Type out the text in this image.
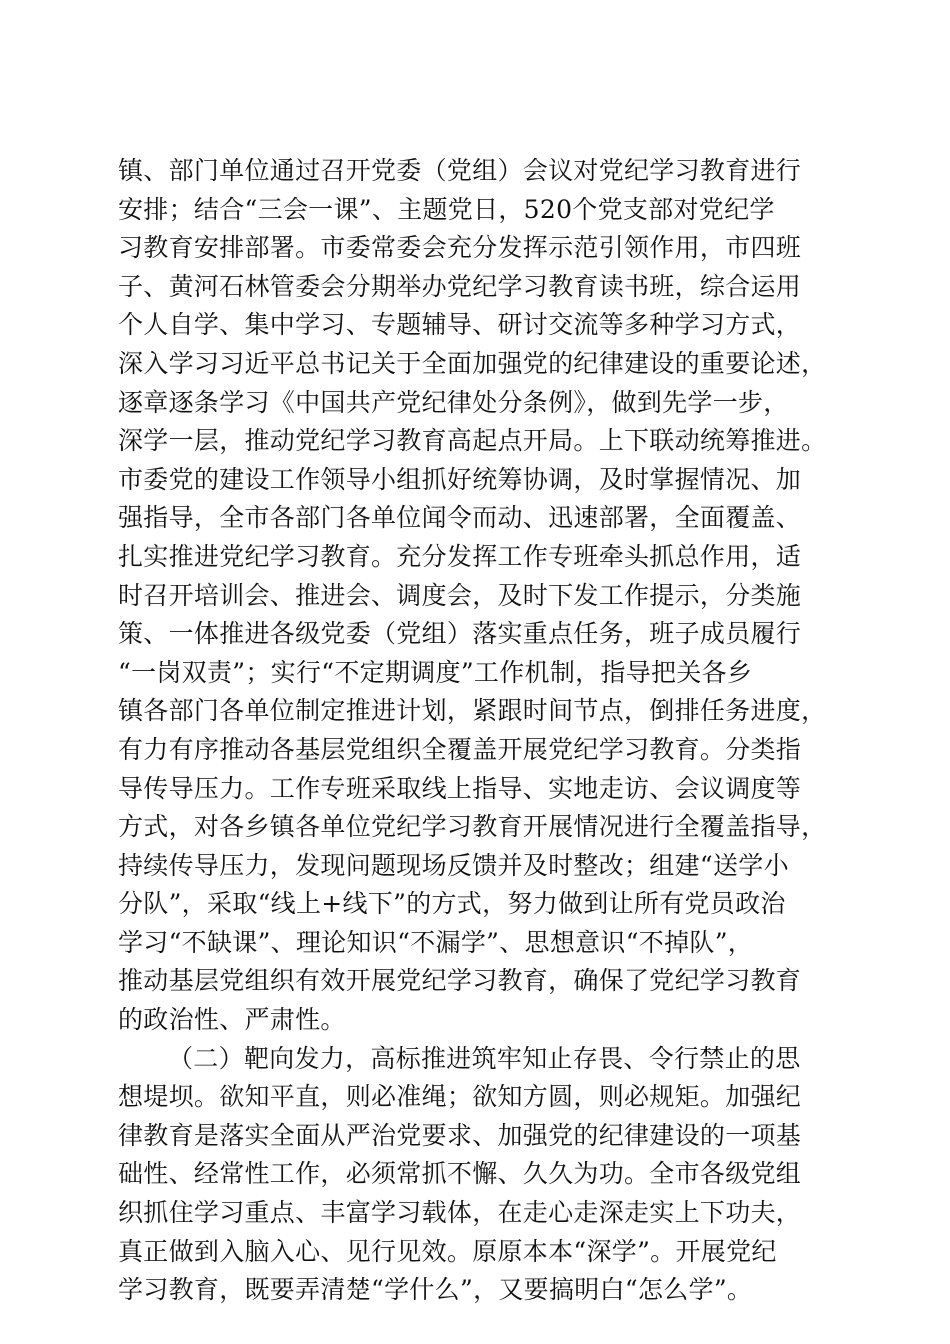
镇、部门单位通过召开党委（党组）会议对党纪学习教育进行
安排；结合“三会一课”、主题党日，520个党支部对党纪学
习教育安排部署。市委常委会充分发挥示范引领作用，市四班
子、黄河石林管委会分期举办党纪学习教育读书班，综合运用
个人自学、集中学习、专题辅导、研讨交流等多种学习方式，
深入学习习近平总书记关于全面加强党的纪律建设的重要论述，
逐章逐条学习《中国共产党纪律处分条例》，做到先学一步，
深学一层，推动党纪学习教育高起点开局。上下联动统筹推进。
市委党的建设工作领导小组抓好统筹协调，及时掌握情况、加
强指导，全市各部门各单位闻令而动、迅速部署，全面覆盖、
扎实推进党纪学习教育。充分发挥工作专班牵头抓总作用，适
时召开培训会、推进会、调度会，及时下发工作提示，分类施
策、一体推进各级党委（党组）落实重点任务，班子成员履行
“一岗双责”；实行“不定期调度”工作机制，指导把关各乡
镇各部门各单位制定推进计划，紧跟时间节点，倒排任务进度，
有力有序推动各基层党组织全覆盖开展党纪学习教育。分类指
导传导压力。工作专班采取线上指导、实地走访、会议调度等
方式，对各乡镇各单位党纪学习教育开展情况进行全覆盖指导，
持续传导压力，发现问题现场反馈并及时整改；组建“送学小
分队”，采取“线上+线下”的方式，努力做到让所有党员政治
学习“不缺课”、理论知识“不漏学”、思想意识“不掉队”，
推动基层党组织有效开展党纪学习教育，确保了党纪学习教育
的政治性、严肃性。
（二）靶向发力，高标推进筑牢知止存畏、令行禁止的思
想堤坝。欲知平直，则必准绳；欲知方圆，则必规矩。加强纪
律教育是落实全面从严治党要求、加强党的纪律建设的一项基
础性、经常性工作，必须常抓不懈、久久为功。全市各级党组
织抓住学习重点、丰富学习载体，在走心走深走实上下功夫，
真正做到入脑入心、见行见效。原原本本“深学”。开展党纪
学习教育，既要弄清楚“学什么”，又要搞明白“怎么学”。
